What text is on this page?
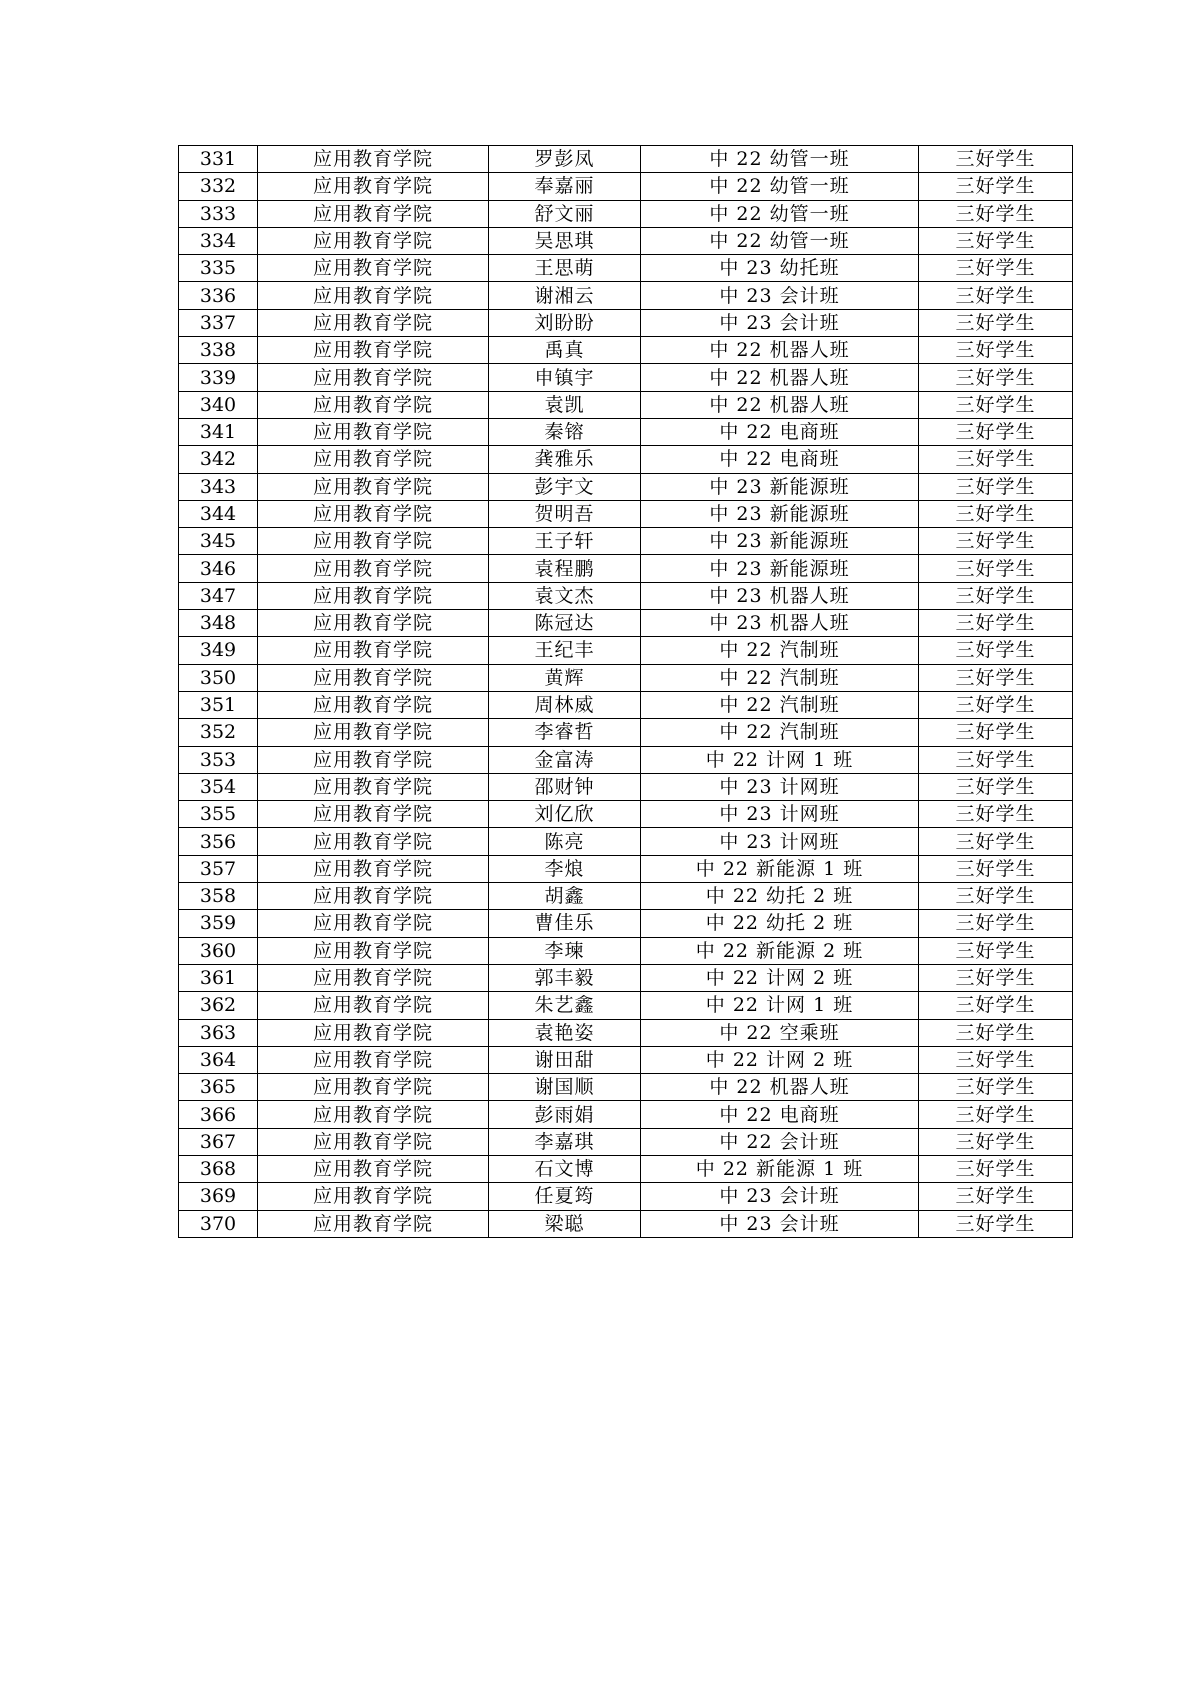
331	应用教育学院	罗彭凤	中 22 幼管一班	三好学生
332	应用教育学院	奉嘉丽	中 22 幼管一班	三好学生
333	应用教育学院	舒文丽	中 22 幼管一班	三好学生
334	应用教育学院	吴思琪	中 22 幼管一班	三好学生
335	应用教育学院	王思萌	中 23 幼托班	三好学生
336	应用教育学院	谢湘云	中 23 会计班	三好学生
337	应用教育学院	刘盼盼	中 23 会计班	三好学生
338	应用教育学院	禹真	中 22 机器人班	三好学生
339	应用教育学院	申镇宇	中 22 机器人班	三好学生
340	应用教育学院	袁凯	中 22 机器人班	三好学生
341	应用教育学院	秦镕	中 22 电商班	三好学生
342	应用教育学院	龚雅乐	中 22 电商班	三好学生
343	应用教育学院	彭宇文	中 23 新能源班	三好学生
344	应用教育学院	贺明吾	中 23 新能源班	三好学生
345	应用教育学院	王子轩	中 23 新能源班	三好学生
346	应用教育学院	袁程鹏	中 23 新能源班	三好学生
347	应用教育学院	袁文杰	中 23 机器人班	三好学生
348	应用教育学院	陈冠达	中 23 机器人班	三好学生
349	应用教育学院	王纪丰	中 22 汽制班	三好学生
350	应用教育学院	黄辉	中 22 汽制班	三好学生
351	应用教育学院	周林威	中 22 汽制班	三好学生
352	应用教育学院	李睿哲	中 22 汽制班	三好学生
353	应用教育学院	金富涛	中 22 计网 1 班	三好学生
354	应用教育学院	邵财钟	中 23 计网班	三好学生
355	应用教育学院	刘亿欣	中 23 计网班	三好学生
356	应用教育学院	陈亮	中 23 计网班	三好学生
357	应用教育学院	李烺	中 22 新能源 1 班	三好学生
358	应用教育学院	胡鑫	中 22 幼托 2 班	三好学生
359	应用教育学院	曹佳乐	中 22 幼托 2 班	三好学生
360	应用教育学院	李瑓	中 22 新能源 2 班	三好学生
361	应用教育学院	郭丰毅	中 22 计网 2 班	三好学生
362	应用教育学院	朱艺鑫	中 22 计网 1 班	三好学生
363	应用教育学院	袁艳姿	中 22 空乘班	三好学生
364	应用教育学院	谢田甜	中 22 计网 2 班	三好学生
365	应用教育学院	谢国顺	中 22 机器人班	三好学生
366	应用教育学院	彭雨娟	中 22 电商班	三好学生
367	应用教育学院	李嘉琪	中 22 会计班	三好学生
368	应用教育学院	石文博	中 22 新能源 1 班	三好学生
369	应用教育学院	任夏筠	中 23 会计班	三好学生
370	应用教育学院	梁聪	中 23 会计班	三好学生
